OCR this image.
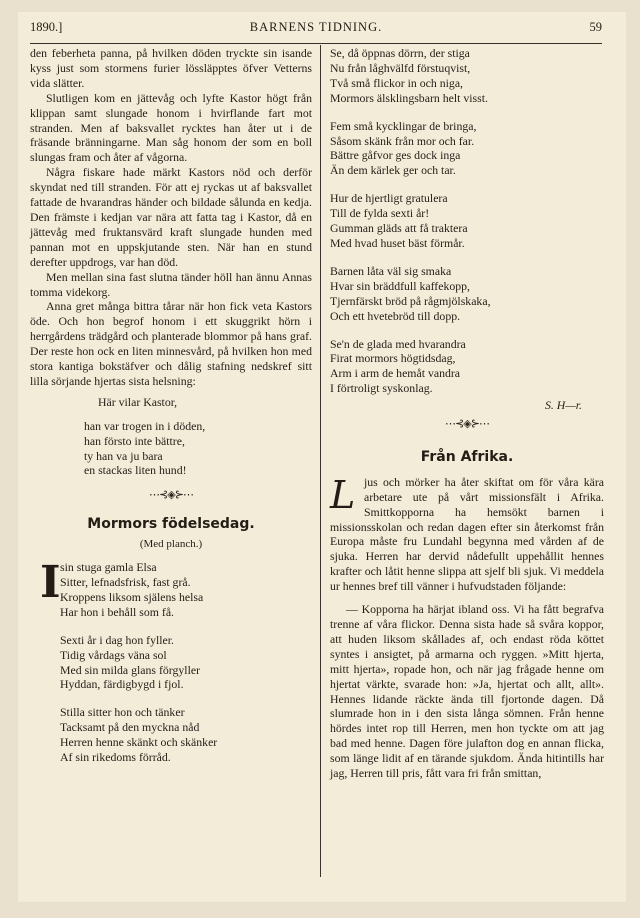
1890.]	BARNENS TIDNING.	59

den feberheta panna, på hvilken döden tryckte sin isande kyss just som stormens furier lössläpptes öfver Vetterns vida slätter.

Slutligen kom en jättevåg och lyfte Kastor högt från klippan samt slungade honom i hvirflande fart mot stranden. Men af baksvallet rycktes han åter ut i de fräsande bränningarne. Man såg honom der som en boll slungas fram och åter af vågorna.

Några fiskare hade märkt Kastors nöd och derför skyndat ned till stranden. För att ej ryckas ut af baksvallet fattade de hvarandras händer och bildade sålunda en kedja. Den främste i kedjan var nära att fatta tag i Kastor, då en jättevåg med fruktansvärd kraft slungade hunden med pannan mot en uppskjutande sten. När han en stund derefter uppdrogs, var han död.

Men mellan sina fast slutna tänder höll han ännu Annas tomma videkorg.

Anna gret många bittra tårar när hon fick veta Kastors öde. Och hon begrof honom i ett skuggrikt hörn i herrgårdens trädgård och planterade blommor på hans graf. Der reste hon ock en liten minnesvård, på hvilken hon med stora kantiga bokstäfver och dålig stafning nedskref sitt lilla sörjande hjertas sista helsning:

Här vilar Kastor,
han var trogen in i döden,
han försto inte bättre,
ty han va ju bara
en stackas liten hund!
⋯⊰◈⊱⋯
Mormors födelsedag.
(Med planch.)
I sin stuga gamla Elsa
Sitter, lefnadsfrisk, fast grå.
Kroppens liksom själens helsa
Har hon i behåll som få.
Sexti år i dag hon fyller.
Tidig vårdags väna sol
Med sin milda glans förgyller
Hyddan, färdigbygd i fjol.
Stilla sitter hon och tänker
Tacksamt på den myckna nåd
Herren henne skänkt och skänker
Af sin rikedoms förråd.
Se, då öppnas dörrn, der stiga
Nu från låghvälfd förstuqvist,
Två små flickor in och niga,
Mormors älsklingsbarn helt visst.
Fem små kycklingar de bringa,
Såsom skänk från mor och far.
Bättre gåfvor ges dock inga
Än dem kärlek ger och tar.
Hur de hjertligt gratulera
Till de fylda sexti år!
Gumman gläds att få traktera
Med hvad huset bäst förmår.
Barnen låta väl sig smaka
Hvar sin bräddfull kaffekopp,
Tjernfärskt bröd på rågmjölskaka,
Och ett hvetebröd till dopp.
Se'n de glada med hvarandra
Firat mormors högtidsdag,
Arm i arm de hemåt vandra
I förtroligt syskonlag.
S. H—r.
⋯⊰◈⊱⋯
Från Afrika.

Ljus och mörker ha åter skiftat om för våra kära arbetare ute på vårt missionsfält i Afrika. Smittkopporna ha hemsökt barnen i missionsskolan och redan dagen efter sin återkomst från Europa måste fru Lundahl begynna med vården af de sjuka. Herren har dervid nådefullt uppehållit hennes krafter och låtit henne slippa att sjelf bli sjuk. Vi meddela ur hennes bref till vänner i hufvudstaden följande:

— Kopporna ha härjat ibland oss. Vi ha fått begrafva trenne af våra flickor. Denna sista hade så svåra koppor, att huden liksom skållades af, och endast röda köttet syntes i ansigtet, på armarna och ryggen. »Mitt hjerta, mitt hjerta», ropade hon, och när jag frågade henne om hjertat värkte, svarade hon: »Ja, hjertat och allt, allt». Hennes lidande räckte ända till fjortonde dagen. Då slumrade hon in i den sista långa sömnen. Från henne hördes intet rop till Herren, men hon tyckte om att jag bad med henne. Dagen före julafton dog en annan flicka, som länge lidit af en tärande sjukdom. Ända hitintills har jag, Herren till pris, fått vara fri från smittan,
